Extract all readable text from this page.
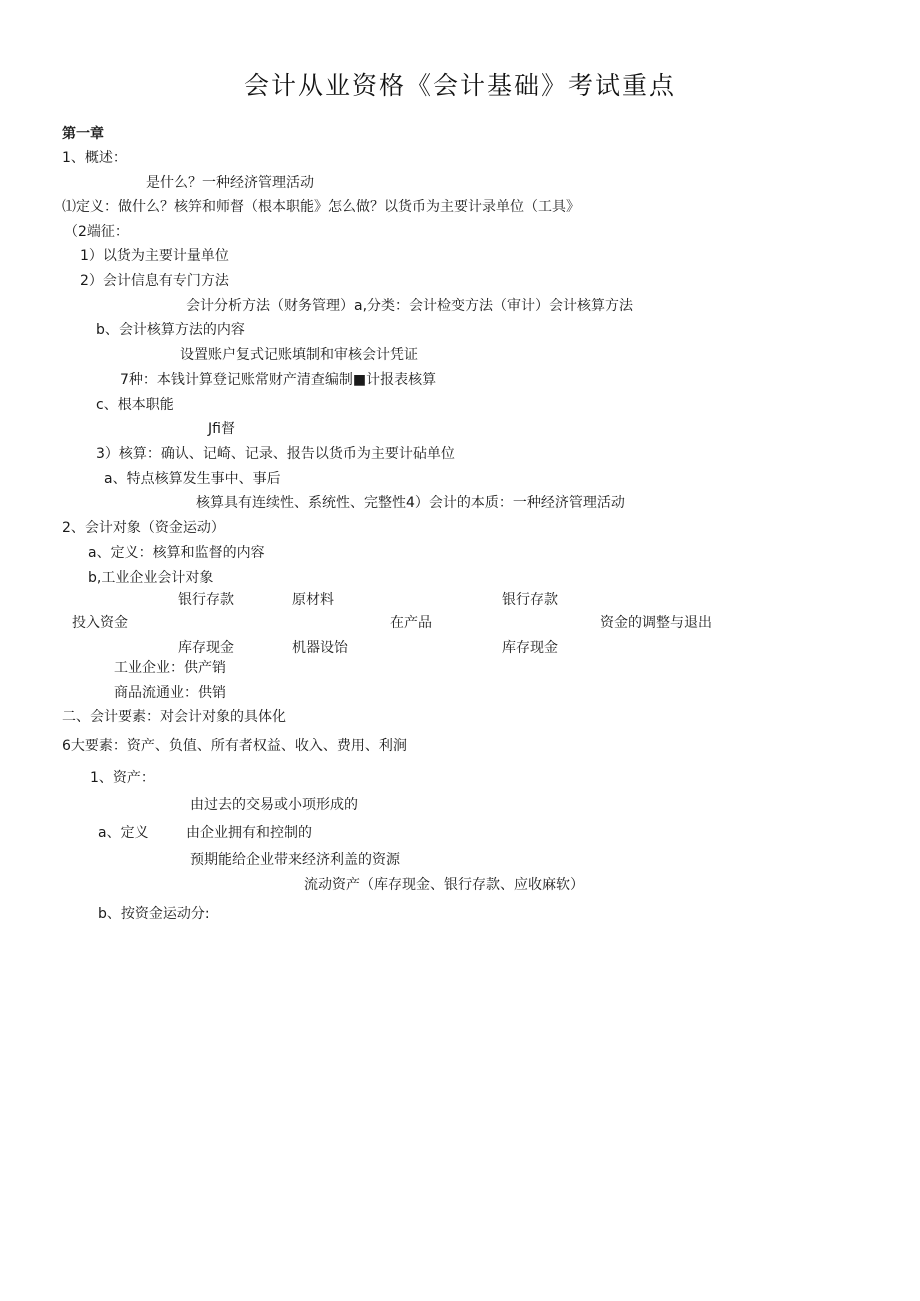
会计从业资格《会计基础》考试重点
第一章
1、概述：
是什么？一种经济管理活动
⑴定义：做什么？核笄和师督（根本职能》怎么做？以货币为主要计录单位（工具》
（2端征：
1）以货为主要计量单位
2）会计信息有专门方法
会计分析方法（财务管理）a,分类：会计检变方法（审计）会计核算方法
b、会计核算方法的内容
设置账户复式记账填制和审核会计凭证
7种：本钱计算登记账常财产清查编制■计报表核算
c、根本职能
Jfi督
3）核算：确认、记崎、记录、报告以货币为主要计砧单位
a、特点核算发生事中、事后
核算具有连续性、系统性、完整性4）会计的本质：一种经济管理活动
2、会计对象（资金运动）
a、定义：核算和监督的内容
b,工业企业会计对象
银行存款	原材料	银行存款
投入资金	在产品	资金的调整与退出
库存现金	机器设饴	库存现金
工业企业：供产销
商品流通业：供销
二、会计要素：对会计对象的具体化
6大要素：资产、负值、所有者权益、收入、费用、利涧
1、资产：
由过去的交易或小项形成的
a、定义	由企业拥有和控制的
预期能给企业带来经济利盖的资源
流动资产（库存现金、银行存款、应收麻软）
b、按资金运动分:
